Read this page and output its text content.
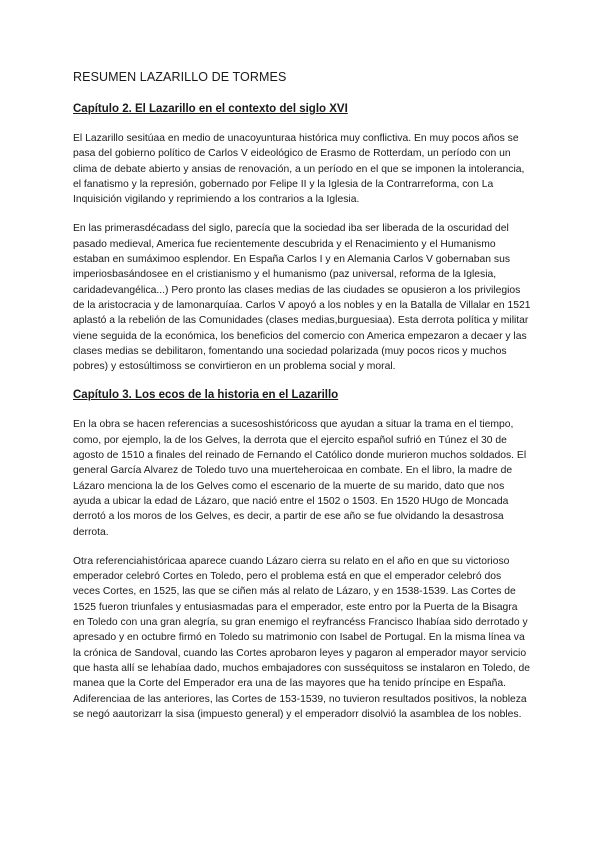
RESUMEN LAZARILLO DE TORMES
Capítulo 2. El Lazarillo en el contexto del siglo XVI

El Lazarillo sesitúaa en medio de unacoyunturaa histórica muy conflictiva. En muy pocos años se pasa del gobierno político de Carlos V eideológico de Erasmo de Rotterdam, un período con un clima de debate abierto y ansias de renovación, a un período en el que se imponen la intolerancia, el fanatismo y la represión, gobernado por Felipe II y la Iglesia de la Contrarreforma, con La Inquisición vigilando y reprimiendo a los contrarios a la Iglesia.

En las primerasdécadass del siglo, parecía que la sociedad iba ser liberada de la oscuridad del pasado medieval, America fue recientemente descubrida y el Renacimiento y el Humanismo estaban en sumáximoo esplendor. En España Carlos I y en Alemania Carlos V gobernaban sus imperiosbasándosee en el cristianismo y el humanismo (paz universal, reforma de la Iglesia, caridadevangélica...) Pero pronto las clases medias de las ciudades se opusieron a los privilegios de la aristocracia y de lamonarquíaa. Carlos V apoyó a los nobles y en la Batalla de Villalar en 1521 aplastó a la rebelión de las Comunidades (clases medias,burguesiaa). Esta derrota política y militar viene seguida de la económica, los beneficios del comercio con America empezaron a decaer y las clases medias se debilitaron, fomentando una sociedad polarizada (muy pocos ricos y muchos pobres) y estosúltimoss se convirtieron en un problema social y moral.

Capítulo 3. Los ecos de la historia en el Lazarillo

En la obra se hacen referencias a sucesoshistóricoss que ayudan a situar la trama en el tiempo, como, por ejemplo, la de los Gelves, la derrota que el ejercito español sufrió en Túnez el 30 de agosto de 1510 a finales del reinado de Fernando el Católico donde murieron muchos soldados. El general García Alvarez de Toledo tuvo una muerteheroicaa en combate. En el libro, la madre de Lázaro menciona la de los Gelves como el escenario de la muerte de su marido, dato que nos ayuda a ubicar la edad de Lázaro, que nació entre el 1502 o 1503. En 1520 HUgo de Moncada derrotó a los moros de los Gelves, es decir, a partir de ese año se fue olvidando la desastrosa derrota.

Otra referenciahistóricaa aparece cuando Lázaro cierra su relato en el año en que su victorioso emperador celebró Cortes en Toledo, pero el problema está en que el emperador celebró dos veces Cortes, en 1525, las que se ciñen más al relato de Lázaro, y en 1538-1539. Las Cortes de 1525 fueron triunfales y entusiasmadas para el emperador, este entro por la Puerta de la Bisagra en Toledo con una gran alegría, su gran enemigo el reyfrancéss Francisco Ihabíaa sido derrotado y apresado y en octubre firmó en Toledo su matrimonio con Isabel de Portugal. En la misma línea va la crónica de Sandoval, cuando las Cortes aprobaron leyes y pagaron al emperador mayor servicio que hasta allí se lehabíaa dado, muchos embajadores con susséquitoss se instalaron en Toledo, de manea que la Corte del Emperador era una de las mayores que ha tenido príncipe en España. Adiferenciaa de las anteriores, las Cortes de 153-1539, no tuvieron resultados positivos, la nobleza se negó aautorizarr la sisa (impuesto general) y el emperadorr disolvió la asamblea de los nobles.
